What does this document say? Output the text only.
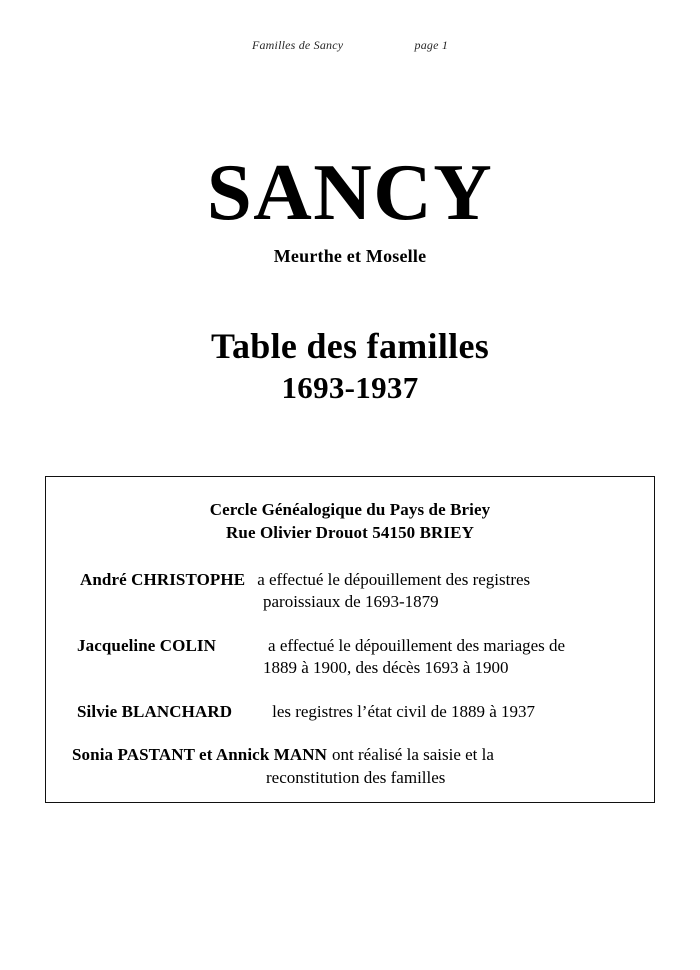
Familles de Sancy	page 1
SANCY
Meurthe et Moselle
Table des familles
1693-1937
Cercle Généalogique du Pays de Briey
Rue Olivier Drouot 54150 BRIEY
André CHRISTOPHE a effectué le dépouillement des registres
paroissiaux de 1693-1879
Jacqueline COLIN	a effectué le dépouillement des mariages de
1889 à 1900, des décès 1693 à 1900
Silvie BLANCHARD les registres l’état civil de 1889 à 1937
Sonia PASTANT et Annick MANN ont réalisé la saisie et la
reconstitution des familles
